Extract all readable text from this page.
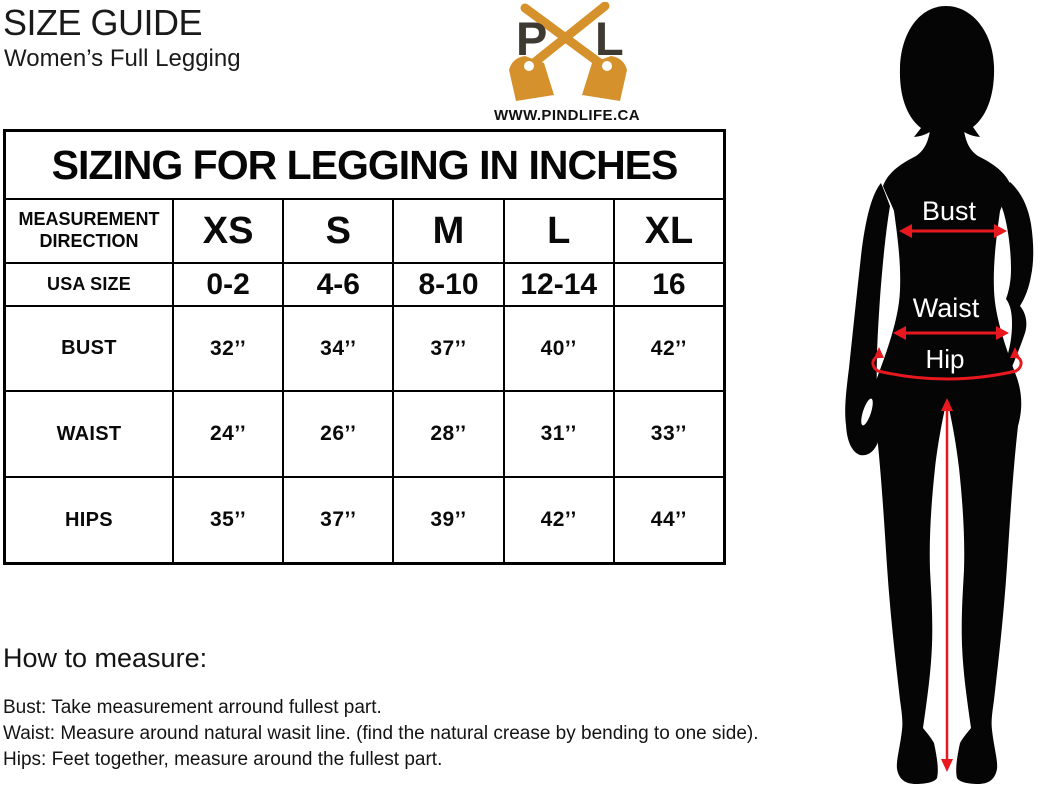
SIZE GUIDE
Women’s Full Legging	P L
WWW.PINDLIFE.CA
SIZING FOR LEGGING IN INCHES
MEASUREMENT DIRECTION	XS	S	M	L	XL
USA SIZE	0-2	4-6	8-10	12-14	16
BUST	32’’	34’’	37’’	40’’	42’’
WAIST	24’’	26’’	28’’	31’’	33’’
HIPS	35’’	37’’	39’’	42’’	44’’
Bust
Waist
Hip
How to measure:

Bust: Take measurement arround fullest part.

Waist: Measure around natural wasit line. (find the natural crease by bending to one side).

Hips: Feet together, measure around the fullest part.
